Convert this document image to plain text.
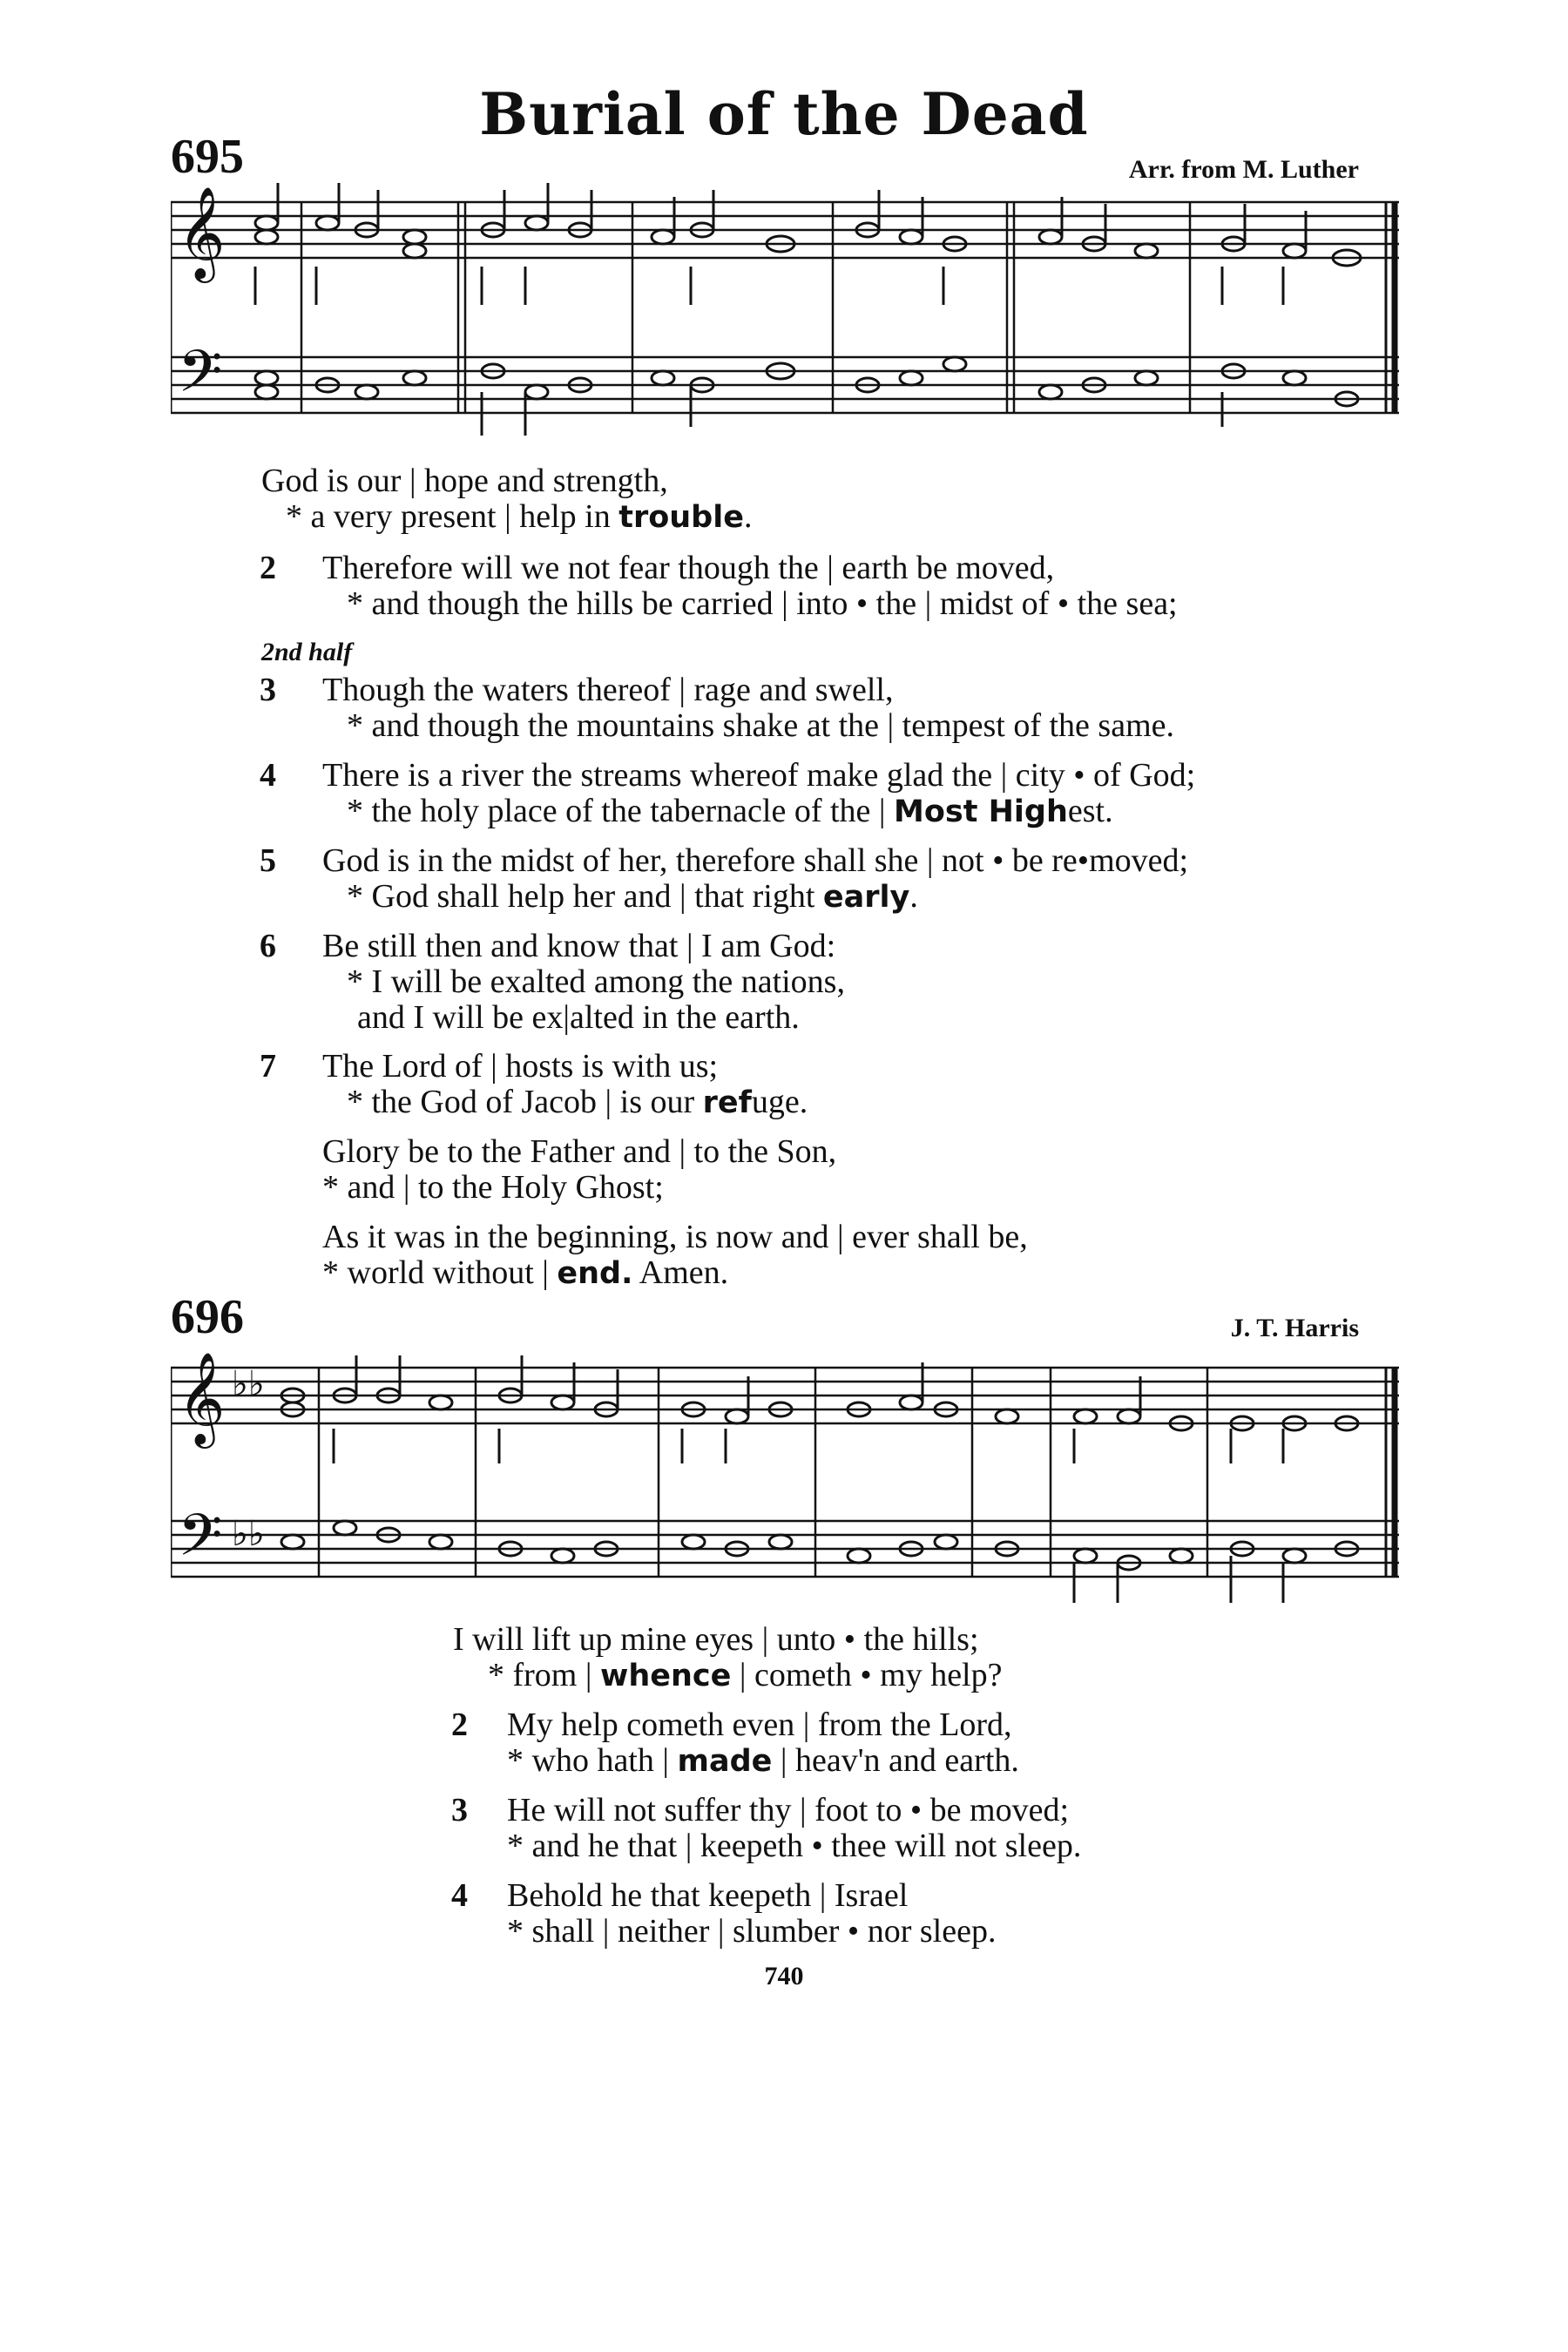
Burial of the Dead
695	Arr. from M. Luther
𝄞
𝄢
God is our | hope and strength,
* a very present | help in trouble.
2 Therefore will we not fear though the | earth be moved,
* and though the hills be carried | into • the | midst of • the sea;
2nd half
3 Though the waters thereof | rage and swell,
* and though the mountains shake at the | tempest of the same.
4 There is a river the streams whereof make glad the | city • of God;
* the holy place of the tabernacle of the | Most Highest.
5 God is in the midst of her, therefore shall she | not • be re•moved;
* God shall help her and | that right early.
6 Be still then and know that | I am God:
* I will be exalted among the nations,
and I will be ex|alted in the earth.
7 The Lord of | hosts is with us;
* the God of Jacob | is our refuge.
Glory be to the Father and | to the Son,
* and | to the Holy Ghost;
As it was in the beginning, is now and | ever shall be,
* world without | end. Amen.
696	J. T. Harris
𝄞
𝄢
♭♭
♭♭
I will lift up mine eyes | unto • the hills;
* from | whence | cometh • my help?
2 My help cometh even | from the Lord,
* who hath | made | heav'n and earth.
3 He will not suffer thy | foot to • be moved;
* and he that | keepeth • thee will not sleep.
4 Behold he that keepeth | Israel
* shall | neither | slumber • nor sleep.
740
